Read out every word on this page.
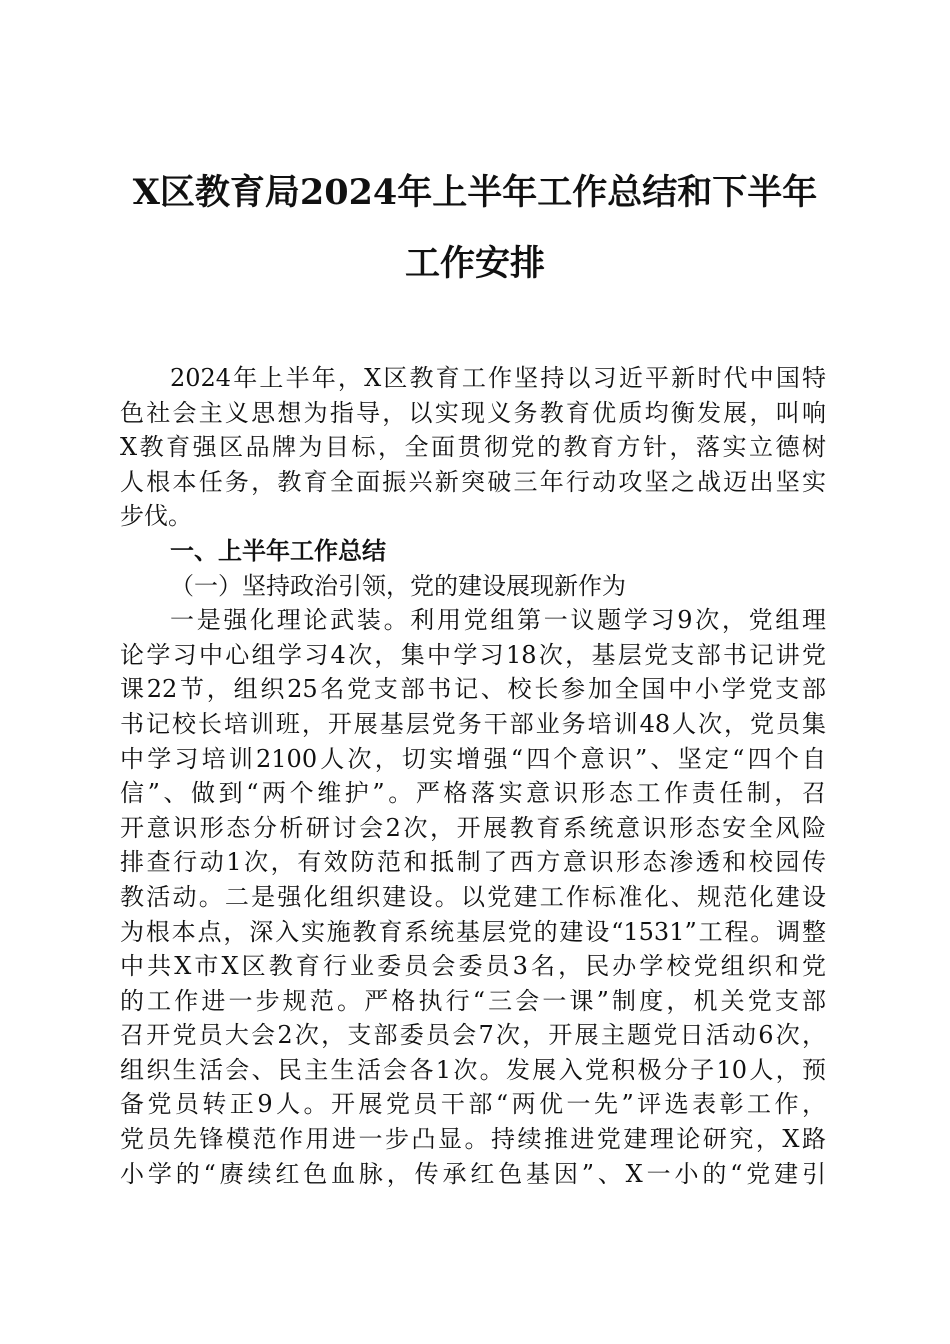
X区教育局2024年上半年工作总结和下半年
工作安排
2024年上半年，X区教育工作坚持以习近平新时代中国特
色社会主义思想为指导，以实现义务教育优质均衡发展，叫响
X教育强区品牌为目标，全面贯彻党的教育方针，落实立德树
人根本任务，教育全面振兴新突破三年行动攻坚之战迈出坚实
步伐。
一、上半年工作总结
（一）坚持政治引领，党的建设展现新作为
一是强化理论武装。利用党组第一议题学习9次，党组理
论学习中心组学习4次，集中学习18次，基层党支部书记讲党
课22节，组织25名党支部书记、校长参加全国中小学党支部
书记校长培训班，开展基层党务干部业务培训48人次，党员集
中学习培训2100人次，切实增强“四个意识”、坚定“四个自
信”、做到“两个维护”。严格落实意识形态工作责任制，召
开意识形态分析研讨会2次，开展教育系统意识形态安全风险
排查行动1次，有效防范和抵制了西方意识形态渗透和校园传
教活动。二是强化组织建设。以党建工作标准化、规范化建设
为根本点，深入实施教育系统基层党的建设“1531”工程。调整
中共X市X区教育行业委员会委员3名，民办学校党组织和党
的工作进一步规范。严格执行“三会一课”制度，机关党支部
召开党员大会2次，支部委员会7次，开展主题党日活动6次，
组织生活会、民主生活会各1次。发展入党积极分子10人，预
备党员转正9人。开展党员干部“两优一先”评选表彰工作，
党员先锋模范作用进一步凸显。持续推进党建理论研究，X路
小学的“赓续红色血脉，传承红色基因”、X一小的“党建引
